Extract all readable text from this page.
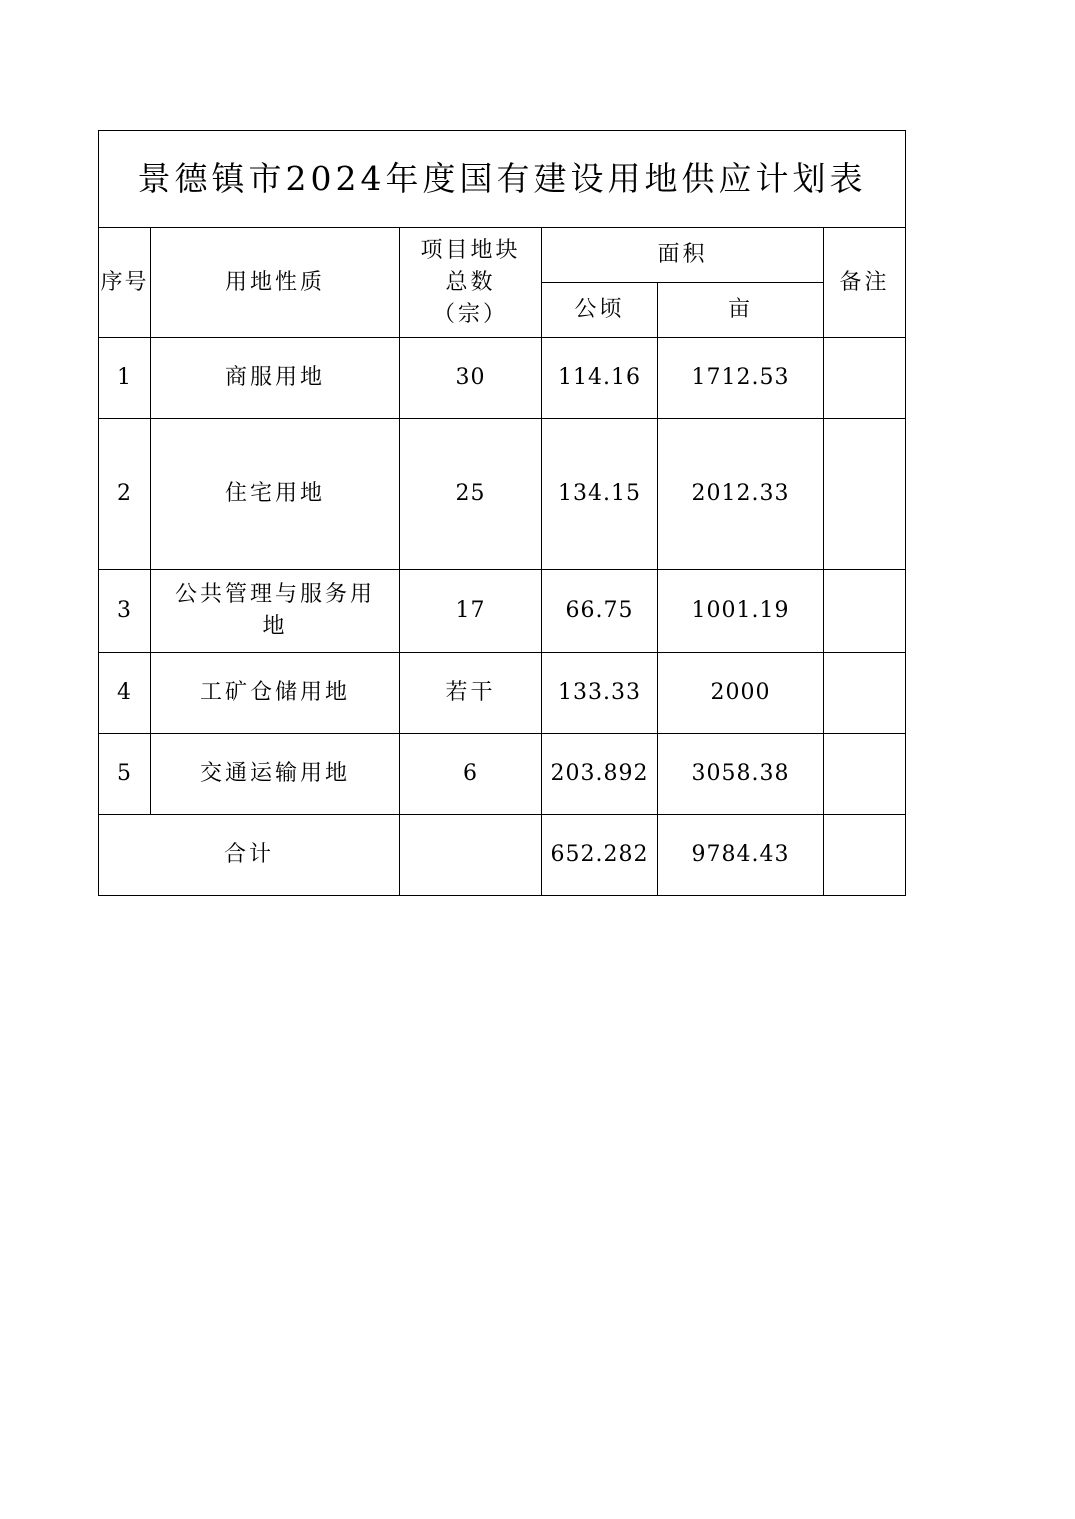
景德镇市2024年度国有建设用地供应计划表					
序号	用地性质	项目地块总数（宗）	面积		备注
			公顷	亩	
1	商服用地	30	114.16	1712.53	
2	住宅用地	25	134.15	2012.33	
3	公共管理与服务用地	17	66.75	1001.19	
4	工矿仓储用地	若干	133.33	2000	
5	交通运输用地	6	203.892	3058.38	
合计			652.282	9784.43	
